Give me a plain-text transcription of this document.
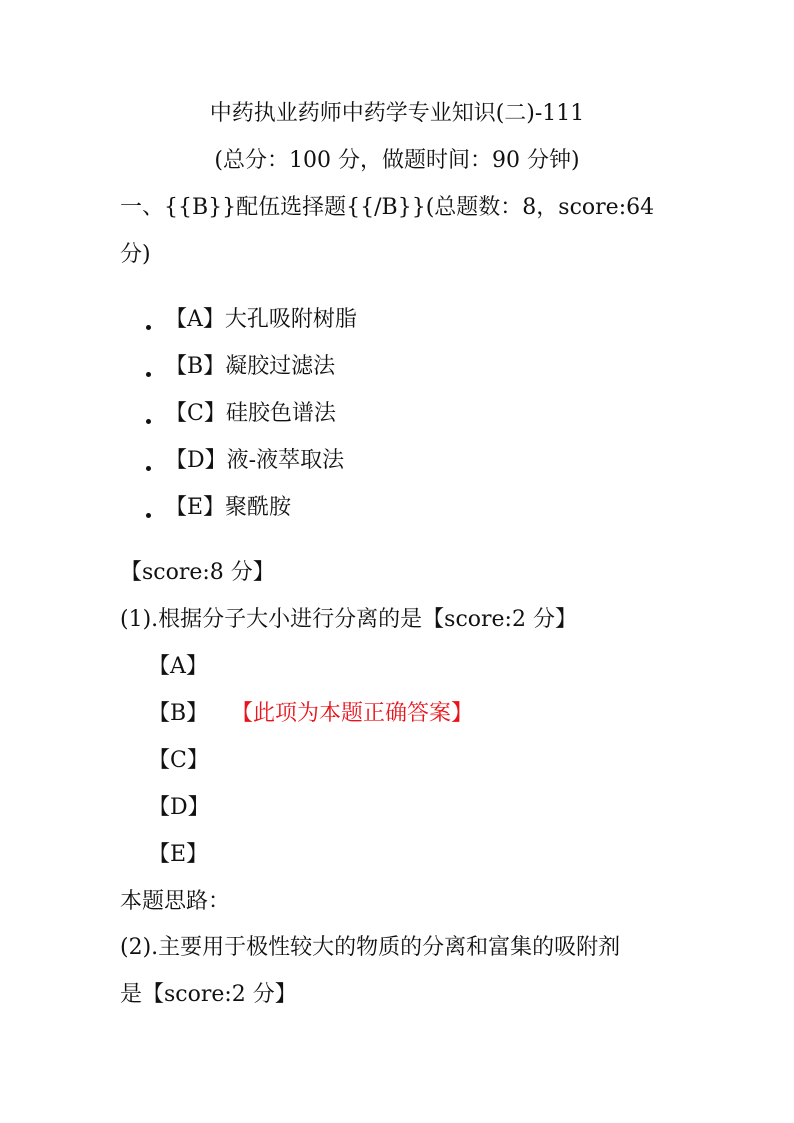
中药执业药师中药学专业知识(二)-111
(总分：100 分，做题时间：90 分钟)
一、{{B}}配伍选择题{{/B}}(总题数：8，score:64
分)
【A】大孔吸附树脂
【B】凝胶过滤法
【C】硅胶色谱法
【D】液-液萃取法
【E】聚酰胺
【score:8 分】
(1).根据分子大小进行分离的是【score:2 分】
【A】
【B】 【此项为本题正确答案】
【C】
【D】
【E】
本题思路：
(2).主要用于极性较大的物质的分离和富集的吸附剂
是【score:2 分】
